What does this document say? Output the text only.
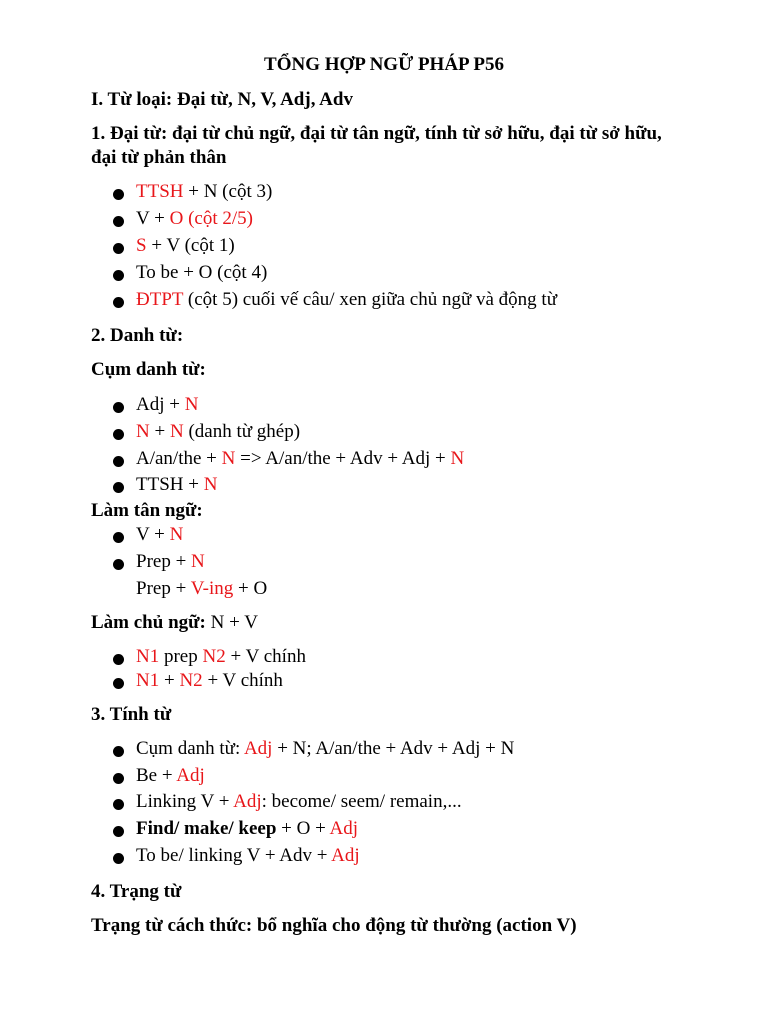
TỔNG HỢP NGỮ PHÁP P56
I. Từ loại: Đại từ, N, V, Adj, Adv
1. Đại từ: đại từ chủ ngữ, đại từ tân ngữ, tính từ sở hữu, đại từ sở hữu, đại từ phản thân
TTSH + N (cột 3)
V + O (cột 2/5)
S + V (cột 1)
To be + O (cột 4)
ĐTPT (cột 5) cuối vế câu/ xen giữa chủ ngữ và động từ
2. Danh từ:
Cụm danh từ:
Adj + N
N + N (danh từ ghép)
A/an/the + N => A/an/the + Adv + Adj + N
TTSH + N
Làm tân ngữ:
V + N
Prep + N
Prep + V-ing + O
Làm chủ ngữ: N + V
N1 prep N2 + V chính
N1 + N2 + V chính
3. Tính từ
Cụm danh từ: Adj + N; A/an/the + Adv + Adj + N
Be + Adj
Linking V + Adj: become/ seem/ remain,...
Find/ make/ keep + O + Adj
To be/ linking V + Adv + Adj
4. Trạng từ
Trạng từ cách thức: bổ nghĩa cho động từ thường (action V)
